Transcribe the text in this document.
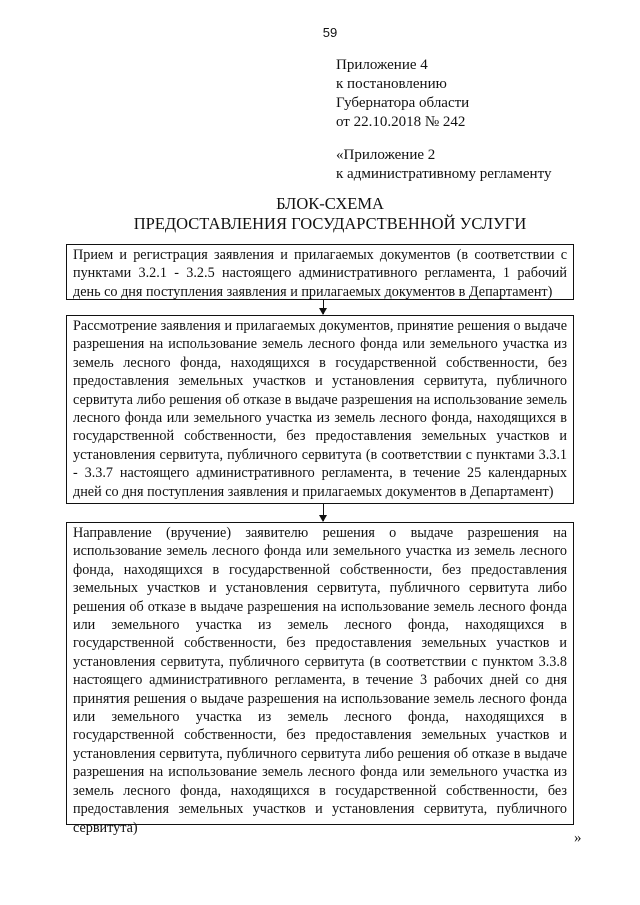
59
Приложение 4
к постановлению
Губернатора области
от 22.10.2018 № 242
«Приложение 2
к административному регламенту
БЛОК-СХЕМА
ПРЕДОСТАВЛЕНИЯ ГОСУДАРСТВЕННОЙ УСЛУГИ
Прием и регистрация заявления и прилагаемых документов (в соответствии с пунктами 3.2.1 - 3.2.5 настоящего административного регламента, 1 рабочий день со дня поступления заявления и прилагаемых документов в Департамент)
Рассмотрение заявления и прилагаемых документов, принятие решения о выдаче разрешения на использование земель лесного фонда или земельного участка из земель лесного фонда, находящихся в государственной собственности, без предоставления земельных участков и установления сервитута, публичного сервитута либо решения об отказе в выдаче разрешения на использование земель лесного фонда или земельного участка из земель лесного фонда, находящихся в государственной собственности, без предоставления земельных участков и установления сервитута, публичного сервитута (в соответствии с пунктами 3.3.1 - 3.3.7 настоящего административного регламента, в течение 25 календарных дней со дня поступления заявления и прилагаемых документов в Департамент)
Направление (вручение) заявителю решения о выдаче разрешения на использование земель лесного фонда или земельного участка из земель лесного фонда, находящихся в государственной собственности, без предоставления земельных участков и установления сервитута, публичного сервитута либо решения об отказе в выдаче разрешения на использование земель лесного фонда или земельного участка из земель лесного фонда, находящихся в государственной собственности, без предоставления земельных участков и установления сервитута, публичного сервитута (в соответствии с пунктом 3.3.8 настоящего административного регламента, в течение 3 рабочих дней со дня принятия решения о выдаче разрешения на использование земель лесного фонда или земельного участка из земель лесного фонда, находящихся в государственной собственности, без предоставления земельных участков и установления сервитута, публичного сервитута либо решения об отказе в выдаче разрешения на использование земель лесного фонда или земельного участка из земель лесного фонда, находящихся в государственной собственности, без предоставления земельных участков и установления сервитута, публичного сервитута)
»
